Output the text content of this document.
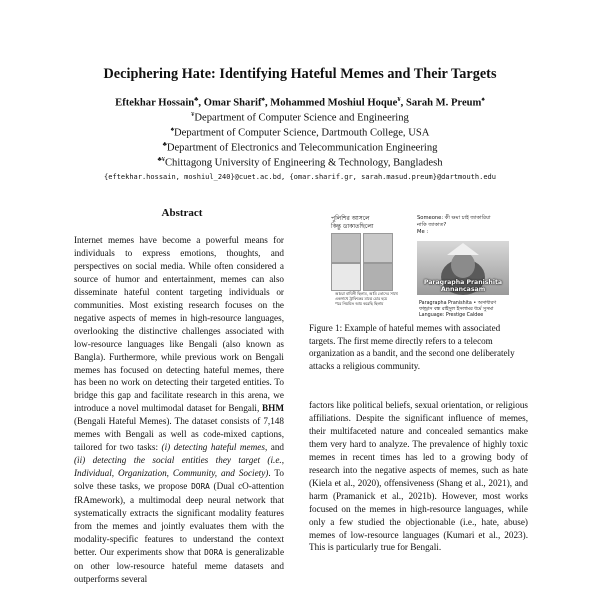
Deciphering Hate: Identifying Hateful Memes and Their Targets
Eftekhar Hossain♣, Omar Sharif♠, Mohammed Moshiul Hoque¥, Sarah M. Preum♠
¥Department of Computer Science and Engineering
♠Department of Computer Science, Dartmouth College, USA
♣Department of Electronics and Telecommunication Engineering
♣¥Chittagong University of Engineering & Technology, Bangladesh
{eftekhar.hossain, moshiul_240}@cuet.ac.bd, {omar.sharif.gr, sarah.masud.preum}@dartmouth.edu
Abstract
Internet memes have become a powerful means for individuals to express emotions, thoughts, and perspectives on social media. While often considered a source of humor and entertainment, memes can also disseminate hateful content targeting individuals or communities. Most existing research focuses on the negative aspects of memes in high-resource languages, overlooking the distinctive challenges associated with low-resource languages like Bengali (also known as Bangla). Furthermore, while previous work on Bengali memes has focused on detecting hateful memes, there has been no work on detecting their targeted entities. To bridge this gap and facilitate research in this arena, we introduce a novel multimodal dataset for Bengali, BHM (Bengali Hateful Memes). The dataset consists of 7,148 memes with Bengali as well as code-mixed captions, tailored for two tasks: (i) detecting hateful memes, and (ii) detecting the social entities they target (i.e., Individual, Organization, Community, and Society). To solve these tasks, we propose DORA (Dual cO-attention fRAmework), a multimodal deep neural network that systematically extracts the significant modality features from the memes and jointly evaluates them with the modality-specific features to understand the context better. Our experiments show that DORA is generalizable on other low-resource hateful meme datasets and outperforms several
পুলিশির আসলে
কিন্তু ডাকাতছিলো
আমরা বাঘিনী ছিলাম, আমি তোদের সাথে
একসাথে ট্রাফিকের মাঝে চোর হয়ে
পরে নিয়মিত আয় করেছি ছিলাম
Someone: কী ক্ষমা চাই জাকারিয়া
নাকি জাকাত?
Me :
Paragrapha Pranishita Annancasam
Paragrapha Pranishita • অসাধারণ
ফান্ড্রাস বন্ধ রাইসুল ইসলামর ধর্মে সুসমা
Language: Prestige Caldee
Figure 1: Example of hateful memes with associated targets. The first meme directly refers to a telecom organization as a bandit, and the second one deliberately attacks a religious community.
factors like political beliefs, sexual orientation, or religious affiliations. Despite the significant influence of memes, their multifaceted nature and concealed semantics make them very hard to analyze. The prevalence of highly toxic memes in recent times has led to a growing body of research into the negative aspects of memes, such as hate (Kiela et al., 2020), offensiveness (Shang et al., 2021), and harm (Pramanick et al., 2021b). However, most works focused on the memes in high-resource languages, while only a few studied the objectionable (i.e., hate, abuse) memes of low-resource languages (Kumari et al., 2023). This is particularly true for Bengali.
